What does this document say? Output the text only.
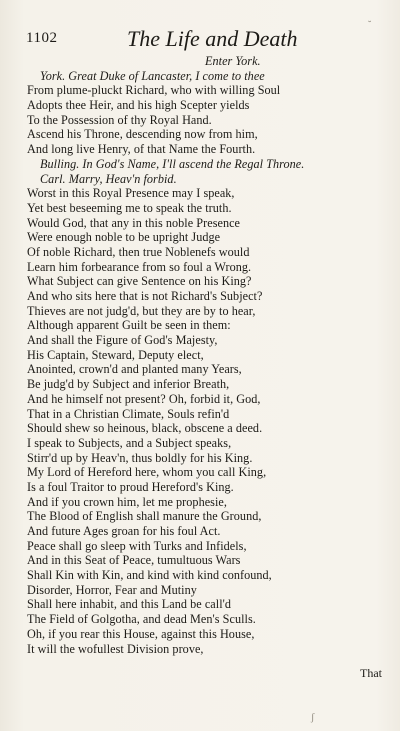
1102	The Life and Death
˘
Enter York.
York. Great Duke of Lancaster, I come to thee
From plume-pluckt Richard, who with willing Soul
Adopts thee Heir, and his high Scepter yields
To the Possession of thy Royal Hand.
Ascend his Throne, descending now from him,
And long live Henry, of that Name the Fourth.
Bulling. In God's Name, I'll ascend the Regal Throne.
Carl. Marry, Heav'n forbid.
Worst in this Royal Presence may I speak,
Yet best beseeming me to speak the truth.
Would God, that any in this noble Presence
Were enough noble to be upright Judge
Of noble Richard, then true Noblenefs would
Learn him forbearance from so foul a Wrong.
What Subject can give Sentence on his King?
And who sits here that is not Richard's Subject?
Thieves are not judg'd, but they are by to hear,
Although apparent Guilt be seen in them:
And shall the Figure of God's Majesty,
His Captain, Steward, Deputy elect,
Anointed, crown'd and planted many Years,
Be judg'd by Subject and inferior Breath,
And he himself not present? Oh, forbid it, God,
That in a Christian Climate, Souls refin'd
Should shew so heinous, black, obscene a deed.
I speak to Subjects, and a Subject speaks,
Stirr'd up by Heav'n, thus boldly for his King.
My Lord of Hereford here, whom you call King,
Is a foul Traitor to proud Hereford's King.
And if you crown him, let me prophesie,
The Blood of English shall manure the Ground,
And future Ages groan for his foul Act.
Peace shall go sleep with Turks and Infidels,
And in this Seat of Peace, tumultuous Wars
Shall Kin with Kin, and kind with kind confound,
Disorder, Horror, Fear and Mutiny
Shall here inhabit, and this Land be call'd
The Field of Golgotha, and dead Men's Sculls.
Oh, if you rear this House, against this House,
It will the wofullest Division prove,
That
ʃ
